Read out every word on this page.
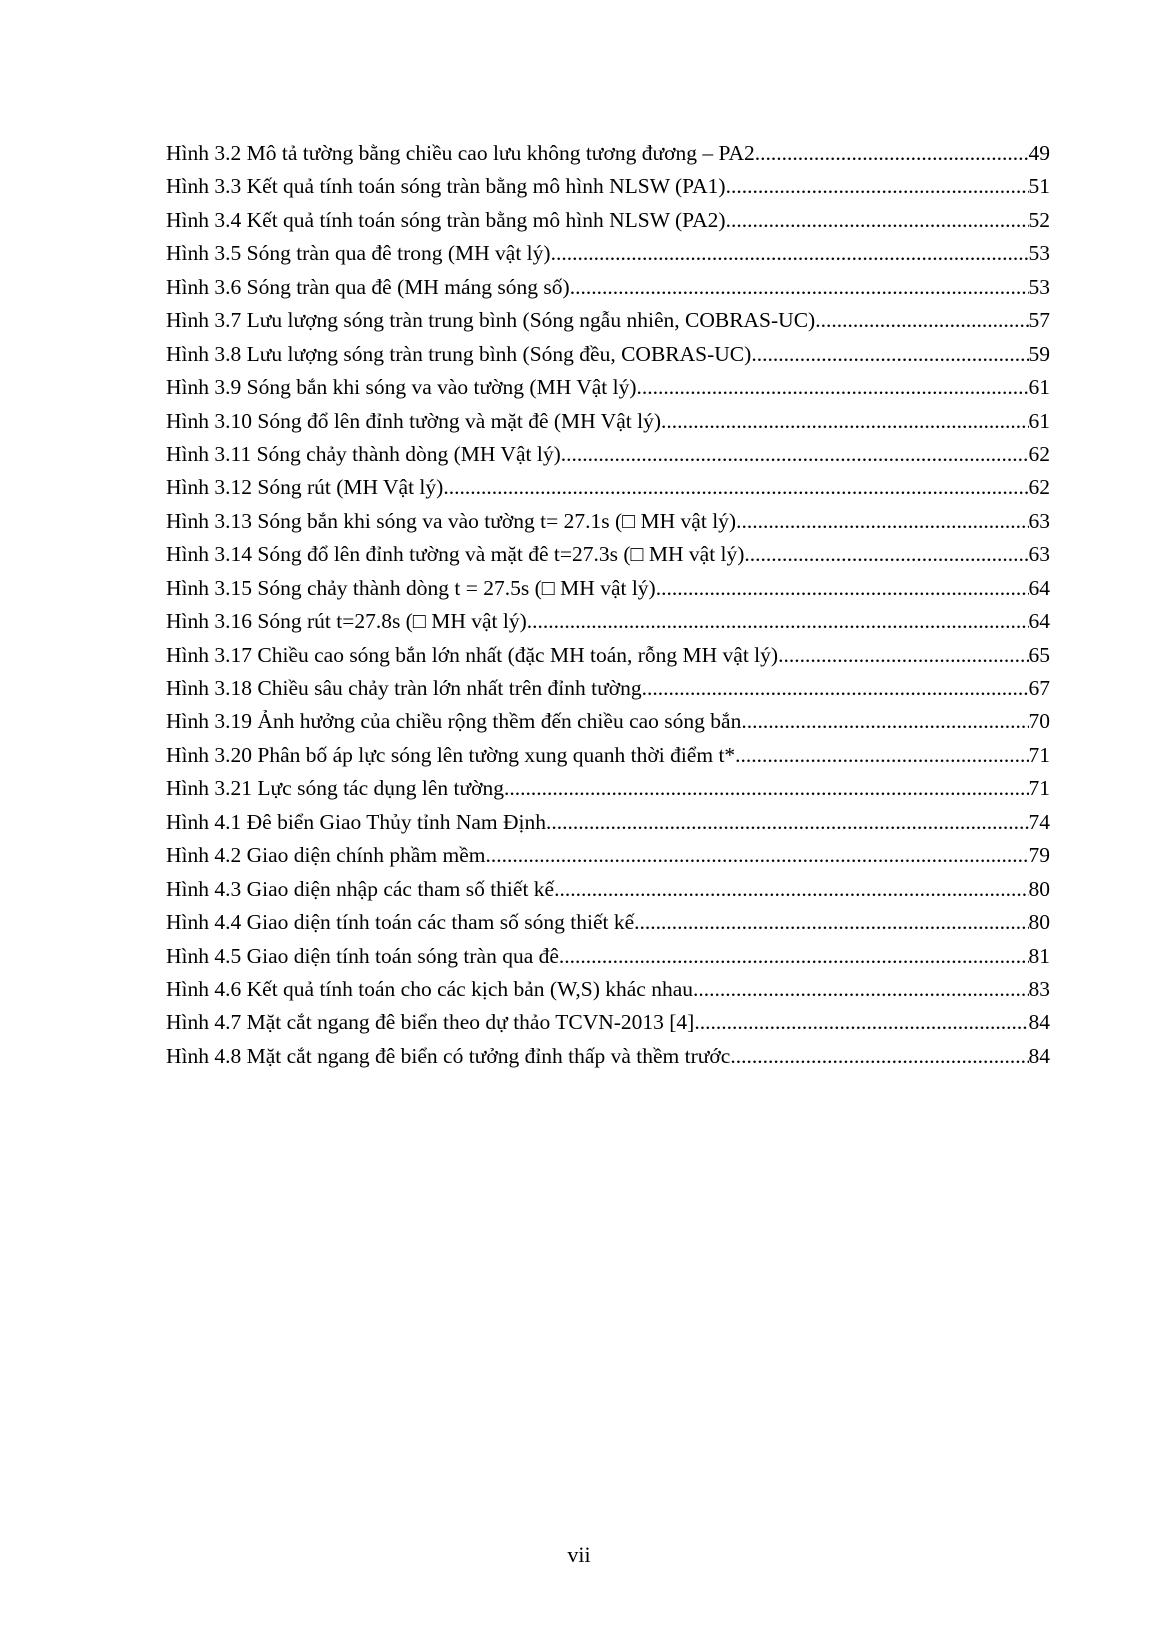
Hình 3.2 Mô tả tường bằng chiều cao lưu không tương đương – PA2 .....	49
Hình 3.3 Kết quả tính toán sóng tràn bằng mô hình NLSW (PA1) .....	51
Hình 3.4 Kết quả tính toán sóng tràn bằng mô hình NLSW (PA2) .....	52
Hình 3.5 Sóng tràn qua đê trong (MH vật lý) .....	53
Hình 3.6 Sóng tràn qua đê (MH máng sóng số) .....	53
Hình 3.7 Lưu lượng sóng tràn trung bình (Sóng ngẫu nhiên, COBRAS-UC) .....	57
Hình 3.8 Lưu lượng sóng tràn trung bình (Sóng đều, COBRAS-UC) .....	59
Hình 3.9 Sóng bắn khi sóng va vào tường (MH Vật lý) .....	61
Hình 3.10 Sóng đổ lên đỉnh tường và mặt đê (MH Vật lý) .....	61
Hình 3.11 Sóng chảy thành dòng (MH Vật lý) .....	62
Hình 3.12 Sóng rút (MH Vật lý) .....	62
Hình 3.13 Sóng bắn khi sóng va vào tường t= 27.1s (□ MH vật lý) .....	63
Hình 3.14 Sóng đổ lên đỉnh tường và mặt đê t=27.3s (□ MH vật lý) .....	63
Hình 3.15 Sóng chảy thành dòng t = 27.5s (□ MH vật lý). .....	64
Hình 3.16 Sóng rút t=27.8s (□ MH vật lý) .....	64
Hình 3.17 Chiều cao sóng bắn lớn nhất (đặc MH toán, rỗng MH vật lý) .....	65
Hình 3.18 Chiều sâu chảy tràn lớn nhất trên đỉnh tường .....	67
Hình 3.19 Ảnh hưởng của chiều rộng thềm đến chiều cao sóng bắn .....	70
Hình 3.20 Phân bố áp lực sóng lên tường xung quanh thời điểm t* .....	71
Hình 3.21 Lực sóng tác dụng lên tường .....	71
Hình 4.1 Đê biển Giao Thủy tỉnh Nam Định .....	74
Hình 4.2 Giao diện chính phầm mềm .....	79
Hình 4.3 Giao diện nhập các tham số thiết kế .....	80
Hình 4.4 Giao diện tính toán các tham số sóng thiết kế .....	80
Hình 4.5 Giao diện tính toán sóng tràn qua đê .....	81
Hình 4.6 Kết quả tính toán cho các kịch bản (W,S) khác nhau .....	83
Hình 4.7 Mặt cắt ngang đê biển theo dự thảo TCVN-2013 [4] .....	84
Hình 4.8 Mặt cắt ngang đê biển có tưởng đỉnh thấp và thềm trước .....	84
vii
